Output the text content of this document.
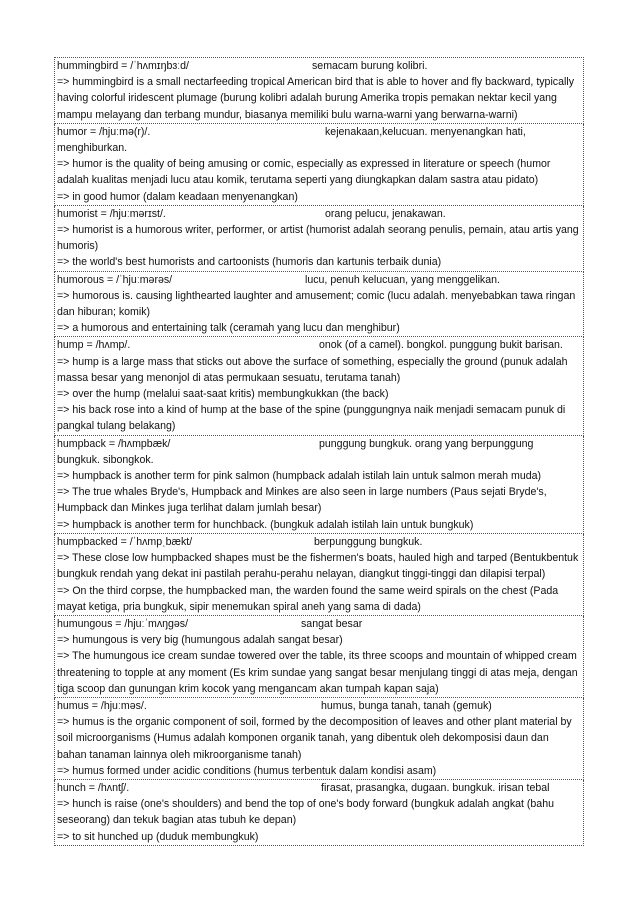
hummingbird = /ˈhʌmɪŋbɜːd/	semacam burung kolibri.
=> hummingbird is a small nectarfeeding tropical American bird that is able to hover and fly backward, typically having colorful iridescent plumage (burung kolibri adalah burung Amerika tropis pemakan nektar kecil yang mampu melayang dan terbang mundur, biasanya memiliki bulu warna-warni yang berwarna-warni)
humor = /hjuːmə(r)/.	kejenakaan,kelucuan. menyenangkan hati,
menghiburkan.
=> humor is the quality of being amusing or comic, especially as expressed in literature or speech (humor adalah kualitas menjadi lucu atau komik, terutama seperti yang diungkapkan dalam sastra atau pidato)
=> in good humor (dalam keadaan menyenangkan)
humorist = /hjuːmərɪst/.	orang pelucu, jenakawan.
=> humorist is a humorous writer, performer, or artist (humorist adalah seorang penulis, pemain, atau artis yang humoris)
=> the world's best humorists and cartoonists (humoris dan kartunis terbaik dunia)
humorous = /ˈhjuːmərəs/	lucu, penuh kelucuan, yang menggelikan.
=> humorous is. causing lighthearted laughter and amusement; comic (lucu adalah. menyebabkan tawa ringan dan hiburan; komik)
=> a humorous and entertaining talk (ceramah yang lucu dan menghibur)
hump = /hʌmp/.	onok (of a camel). bongkol. punggung bukit barisan.
=> hump is a large mass that sticks out above the surface of something, especially the ground (punuk adalah massa besar yang menonjol di atas permukaan sesuatu, terutama tanah)
=> over the hump (melalui saat-saat kritis) membungkukkan (the back)
=> his back rose into a kind of hump at the base of the spine (punggungnya naik menjadi semacam punuk di pangkal tulang belakang)
humpback = /hʌmpbæk/	punggung bungkuk. orang yang berpunggung
bungkuk. sibongkok.
=> humpback is another term for pink salmon (humpback adalah istilah lain untuk salmon merah muda)
=> The true whales Bryde's, Humpback and Minkes are also seen in large numbers (Paus sejati Bryde's, Humpback dan Minkes juga terlihat dalam jumlah besar)
=> humpback is another term for hunchback. (bungkuk adalah istilah lain untuk bungkuk)
humpbacked = /ˈhʌmpˌbækt/	berpunggung bungkuk.
=> These close low humpbacked shapes must be the fishermen's boats, hauled high and tarped (Bentukbentuk bungkuk rendah yang dekat ini pastilah perahu-perahu nelayan, diangkut tinggi-tinggi dan dilapisi terpal)
=> On the third corpse, the humpbacked man, the warden found the same weird spirals on the chest (Pada mayat ketiga, pria bungkuk, sipir menemukan spiral aneh yang sama di dada)
humungous = /hjuːˈmʌŋɡəs/	sangat besar
=> humungous is very big (humungous adalah sangat besar)
=> The humungous ice cream sundae towered over the table, its three scoops and mountain of whipped cream threatening to topple at any moment (Es krim sundae yang sangat besar menjulang tinggi di atas meja, dengan tiga scoop dan gunungan krim kocok yang mengancam akan tumpah kapan saja)
humus = /hjuːməs/.	humus, bunga tanah, tanah (gemuk)
=> humus is the organic component of soil, formed by the decomposition of leaves and other plant material by soil microorganisms (Humus adalah komponen organik tanah, yang dibentuk oleh dekomposisi daun dan bahan tanaman lainnya oleh mikroorganisme tanah)
=> humus formed under acidic conditions (humus terbentuk dalam kondisi asam)
hunch = /hʌntʃ/.	firasat, prasangka, dugaan. bungkuk. irisan tebal
=> hunch is raise (one's shoulders) and bend the top of one's body forward (bungkuk adalah angkat (bahu seseorang) dan tekuk bagian atas tubuh ke depan)
=> to sit hunched up (duduk membungkuk)
